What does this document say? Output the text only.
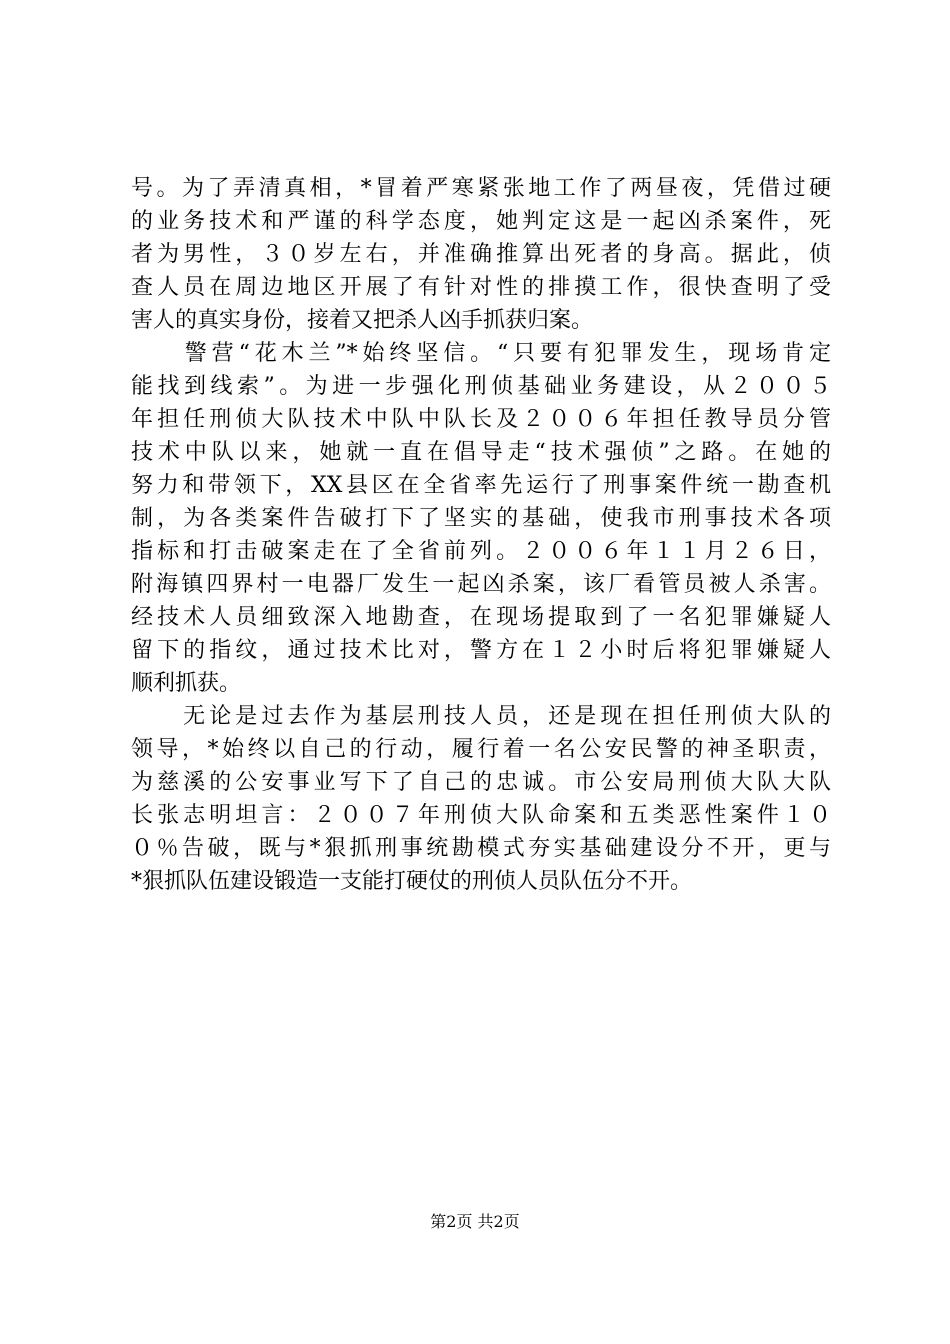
号。为了弄清真相，*冒着严寒紧张地工作了两昼夜，凭借过硬
的业务技术和严谨的科学态度，她判定这是一起凶杀案件，死
者为男性，３０岁左右，并准确推算出死者的身高。据此，侦
查人员在周边地区开展了有针对性的排摸工作，很快查明了受
害人的真实身份，接着又把杀人凶手抓获归案。
　　警营“花木兰”*始终坚信。“只要有犯罪发生，现场肯定
能找到线索”。为进一步强化刑侦基础业务建设，从２００５
年担任刑侦大队技术中队中队长及２００６年担任教导员分管
技术中队以来，她就一直在倡导走“技术强侦”之路。在她的
努力和带领下，XX县区在全省率先运行了刑事案件统一勘查机
制，为各类案件告破打下了坚实的基础，使我市刑事技术各项
指标和打击破案走在了全省前列。２００６年１１月２６日，
附海镇四界村一电器厂发生一起凶杀案，该厂看管员被人杀害。
经技术人员细致深入地勘查，在现场提取到了一名犯罪嫌疑人
留下的指纹，通过技术比对，警方在１２小时后将犯罪嫌疑人
顺利抓获。
　　无论是过去作为基层刑技人员，还是现在担任刑侦大队的
领导，*始终以自己的行动，履行着一名公安民警的神圣职责，
为慈溪的公安事业写下了自己的忠诚。市公安局刑侦大队大队
长张志明坦言：２００７年刑侦大队命案和五类恶性案件１０
０％告破，既与*狠抓刑事统勘模式夯实基础建设分不开，更与
*狠抓队伍建设锻造一支能打硬仗的刑侦人员队伍分不开。
第2页 共2页
